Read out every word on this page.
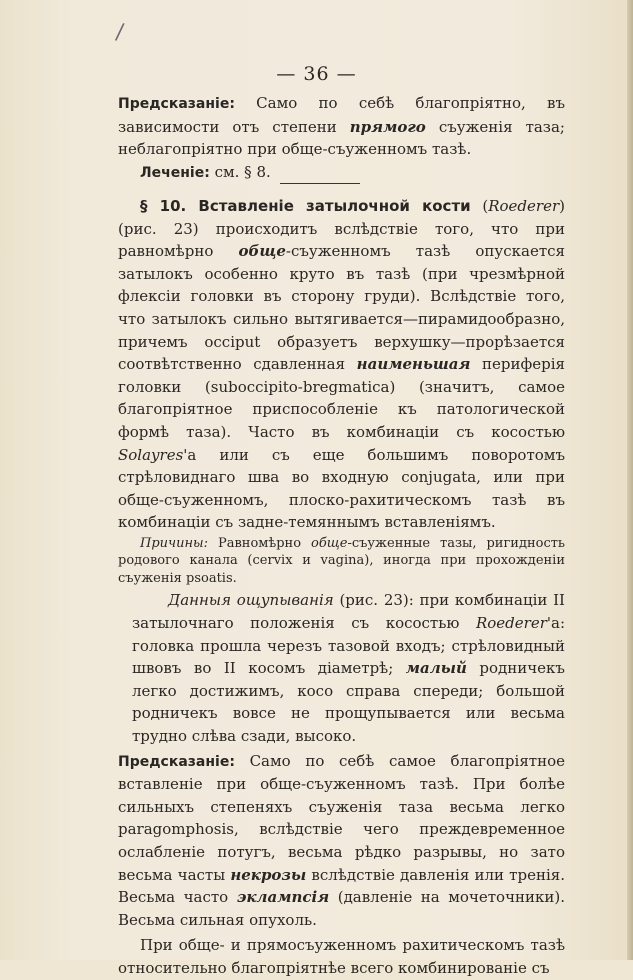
/
— 36 —

Предсказаніе: Само по себѣ благопріятно, въ зависимости отъ степени прямого съуженія таза; неблагопріятно при обще-съуженномъ тазѣ.

Леченіе: см. § 8.

§ 10. Вставленіе затылочной кости (Roederer) (рис. 23) происходитъ вслѣдствіе того, что при равномѣрно обще-съуженномъ тазѣ опускается затылокъ особенно круто въ тазѣ (при чрезмѣрной флексіи головки въ сторону груди). Вслѣдствіе того, что затылокъ сильно вытягивается—пирамидообразно, причемъ occiput образуетъ верхушку—прорѣзается соотвѣтственно сдавленная наименьшая периферія головки (suboccipito-bregmatica) (значитъ, самое благопріятное приспособленіе къ патологической формѣ таза). Часто въ комбинаціи съ косостью Solayres'а или съ еще большимъ поворотомъ стрѣловиднаго шва во входную conjugata, или при обще-съуженномъ, плоско-рахитическомъ тазѣ въ комбинаціи съ задне-темяннымъ вставленіямъ.

Причины: Равномѣрно обще-съуженные тазы, ригидность родового канала (cervix и vagina), иногда при прохожденіи съуженія psoatis.

Данныя ощупыванія (рис. 23): при комбинаціи II затылочнаго положенія съ косостью Roederer'а: головка прошла черезъ тазовой входъ; стрѣловидный швовъ во II косомъ діаметрѣ; малый родничекъ легко достижимъ, косо справа спереди; большой родничекъ вовсе не прощупывается или весьма трудно слѣва сзади, высоко.

Предсказаніе: Само по себѣ самое благопріятное вставленіе при обще-съуженномъ тазѣ. При болѣе сильныхъ степеняхъ съуженія таза весьма легко paragomphosis, вслѣдствіе чего преждевременное ослабленіе потугъ, весьма рѣдко разрывы, но зато весьма часты некрозы вслѣдствіе давленія или тренія. Весьма часто эклампсія (давленіе на мочеточники). Весьма сильная опухоль.

При обще- и прямосъуженномъ рахитическомъ тазѣ относительно благопріятнѣе всего комбинированіе съ
